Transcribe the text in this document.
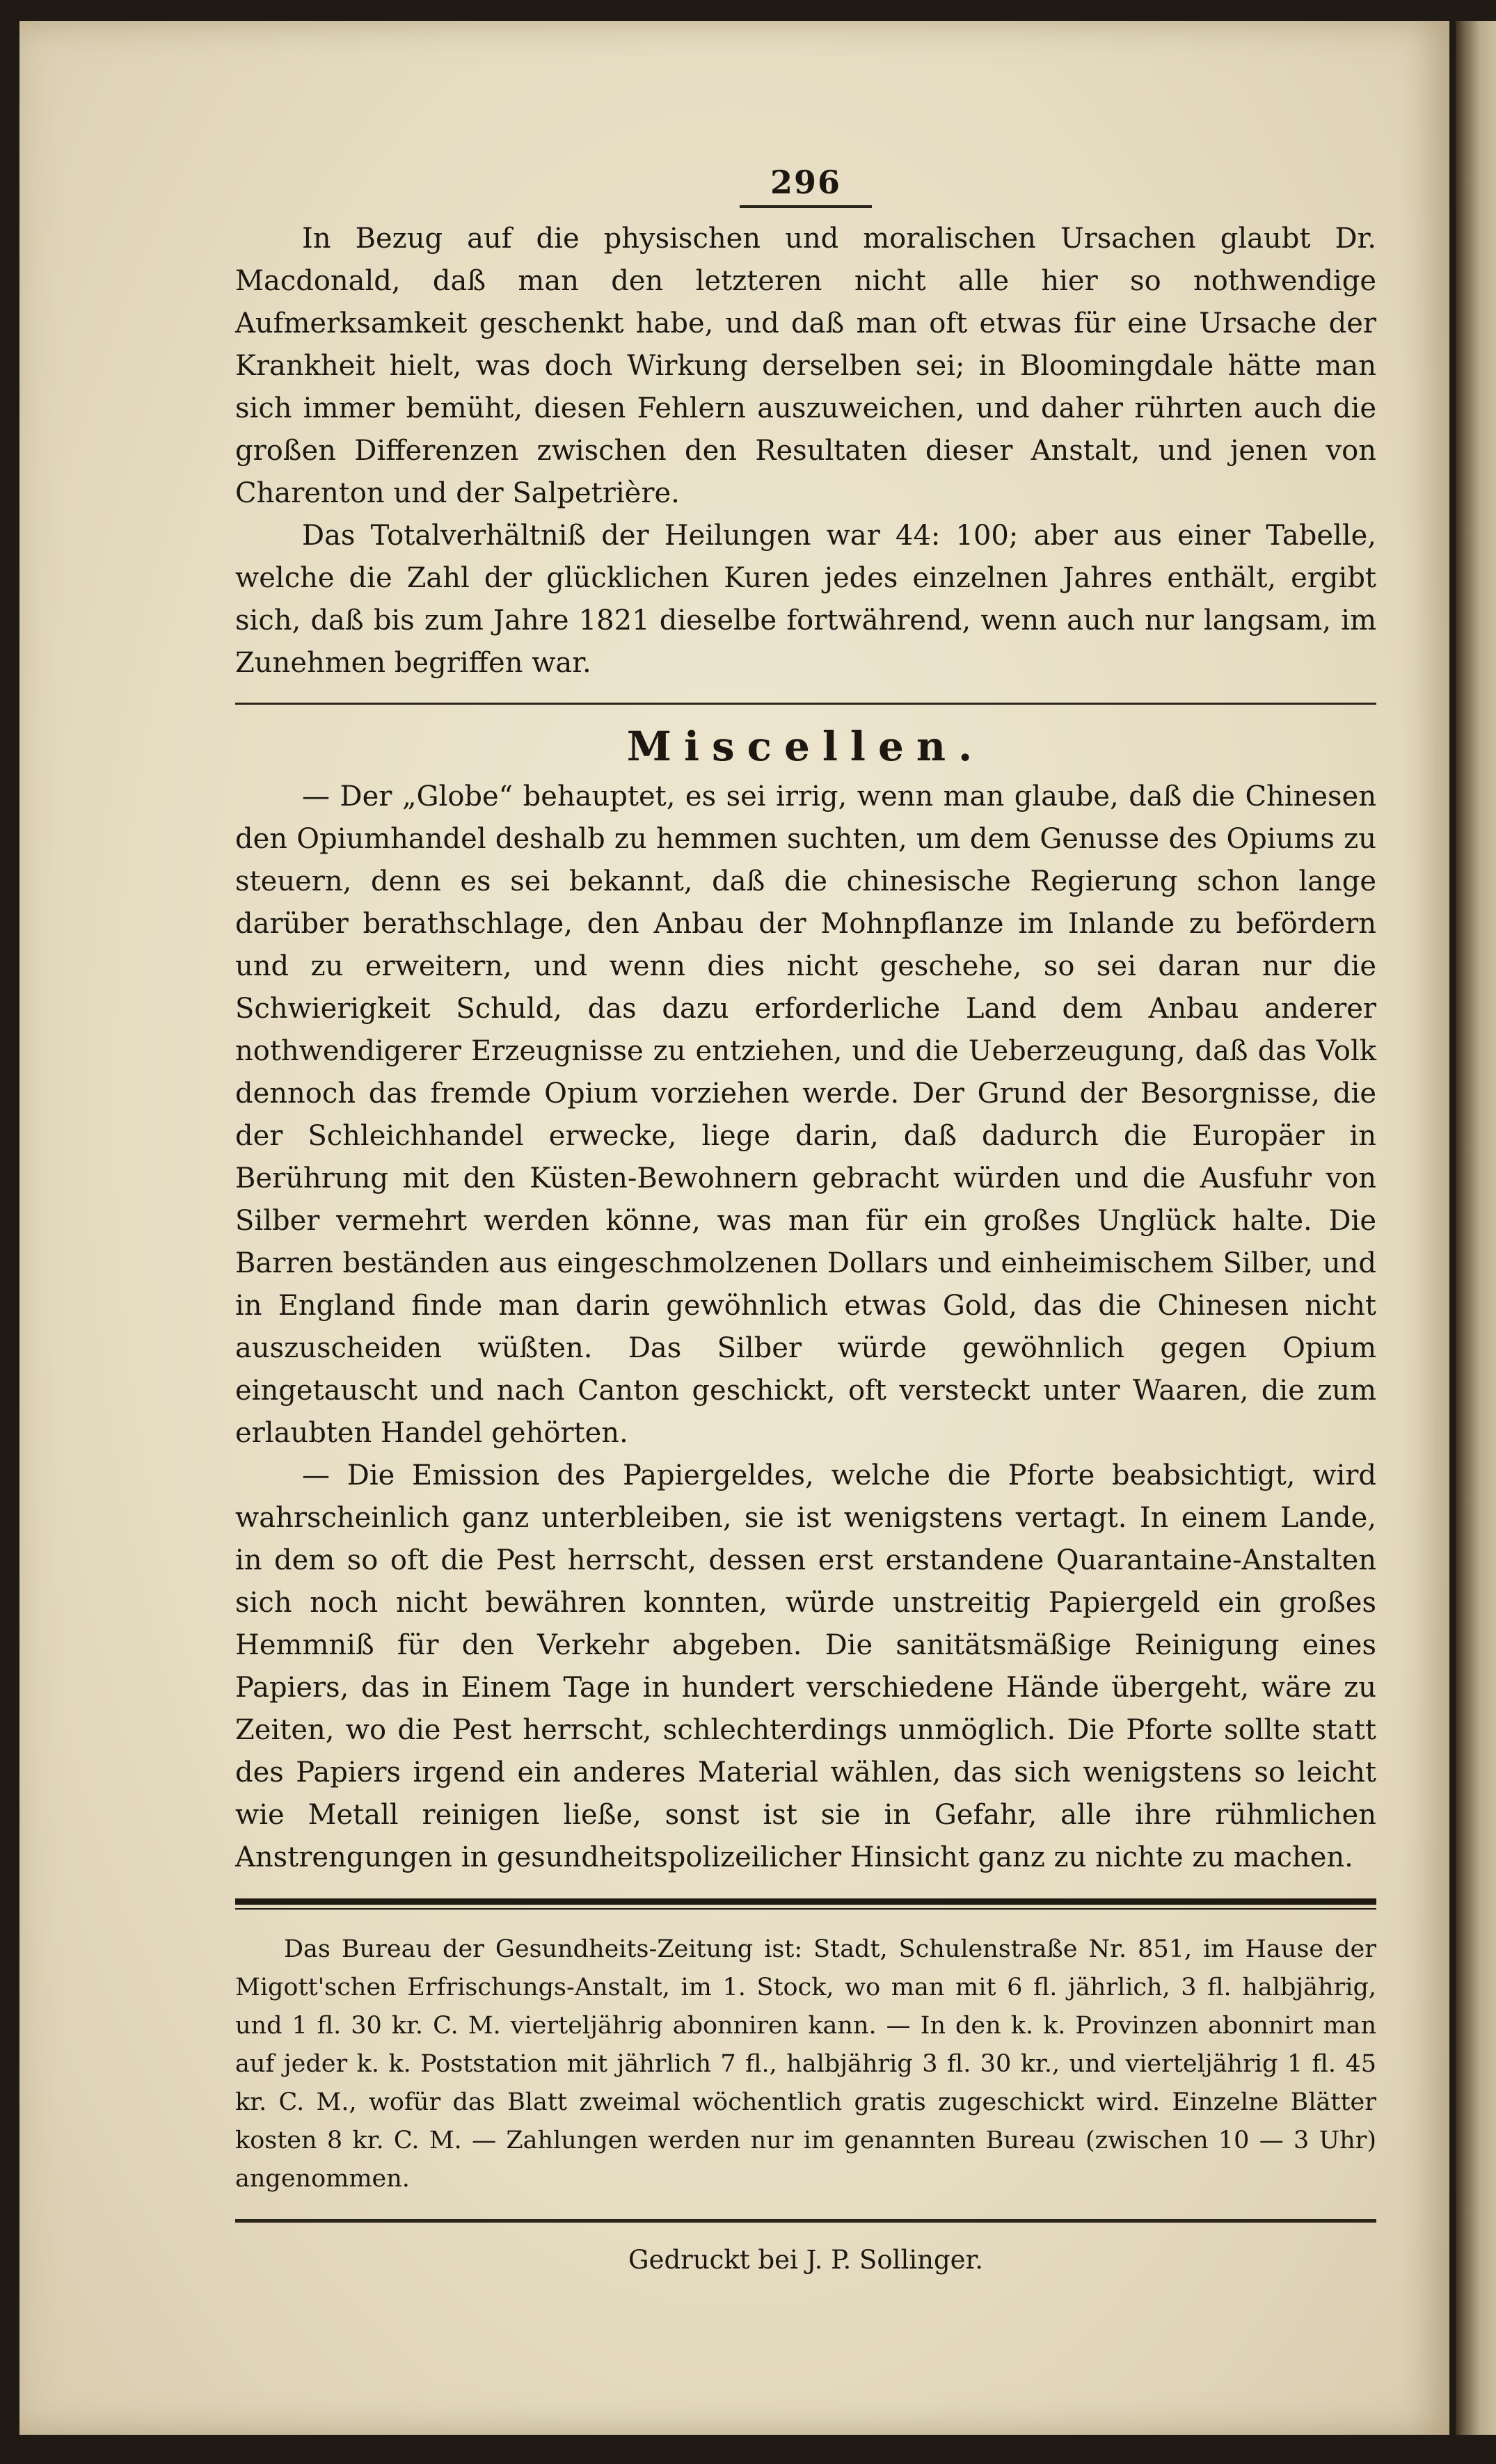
296

In Bezug auf die physischen und moralischen Ursachen glaubt Dr. Macdonald, daß man den letzteren nicht alle hier so nothwendige Aufmerksamkeit geschenkt habe, und daß man oft etwas für eine Ursache der Krankheit hielt, was doch Wirkung derselben sei; in Bloomingdale hätte man sich immer bemüht, diesen Fehlern auszuweichen, und daher rührten auch die großen Differenzen zwischen den Resultaten dieser Anstalt, und jenen von Charenton und der Salpetrière.

Das Totalverhältniß der Heilungen war 44: 100; aber aus einer Tabelle, welche die Zahl der glücklichen Kuren jedes einzelnen Jahres enthält, ergibt sich, daß bis zum Jahre 1821 dieselbe fortwährend, wenn auch nur langsam, im Zunehmen begriffen war.

Miscellen.

— Der „Globe“ behauptet, es sei irrig, wenn man glaube, daß die Chinesen den Opiumhandel deshalb zu hemmen suchten, um dem Genusse des Opiums zu steuern, denn es sei bekannt, daß die chinesische Regierung schon lange darüber berathschlage, den Anbau der Mohnpflanze im Inlande zu befördern und zu erweitern, und wenn dies nicht geschehe, so sei daran nur die Schwierigkeit Schuld, das dazu erforderliche Land dem Anbau anderer nothwendigerer Erzeugnisse zu entziehen, und die Ueberzeugung, daß das Volk dennoch das fremde Opium vorziehen werde. Der Grund der Besorgnisse, die der Schleichhandel erwecke, liege darin, daß dadurch die Europäer in Berührung mit den Küsten-Bewohnern gebracht würden und die Ausfuhr von Silber vermehrt werden könne, was man für ein großes Unglück halte. Die Barren beständen aus eingeschmolzenen Dollars und einheimischem Silber, und in England finde man darin gewöhnlich etwas Gold, das die Chinesen nicht auszuscheiden wüßten. Das Silber würde gewöhnlich gegen Opium eingetauscht und nach Canton geschickt, oft versteckt unter Waaren, die zum erlaubten Handel gehörten.

— Die Emission des Papiergeldes, welche die Pforte beabsichtigt, wird wahrscheinlich ganz unterbleiben, sie ist wenigstens vertagt. In einem Lande, in dem so oft die Pest herrscht, dessen erst erstandene Quarantaine-Anstalten sich noch nicht bewähren konnten, würde unstreitig Papiergeld ein großes Hemmniß für den Verkehr abgeben. Die sanitätsmäßige Reinigung eines Papiers, das in Einem Tage in hundert verschiedene Hände übergeht, wäre zu Zeiten, wo die Pest herrscht, schlechterdings unmöglich. Die Pforte sollte statt des Papiers irgend ein anderes Material wählen, das sich wenigstens so leicht wie Metall reinigen ließe, sonst ist sie in Gefahr, alle ihre rühmlichen Anstrengungen in gesundheitspolizeilicher Hinsicht ganz zu nichte zu machen.

Das Bureau der Gesundheits-Zeitung ist: Stadt, Schulenstraße Nr. 851, im Hause der Migott'schen Erfrischungs-Anstalt, im 1. Stock, wo man mit 6 fl. jährlich, 3 fl. halbjährig, und 1 fl. 30 kr. C. M. vierteljährig abonniren kann. — In den k. k. Provinzen abonnirt man auf jeder k. k. Poststation mit jährlich 7 fl., halbjährig 3 fl. 30 kr., und vierteljährig 1 fl. 45 kr. C. M., wofür das Blatt zweimal wöchentlich gratis zugeschickt wird. Einzelne Blätter kosten 8 kr. C. M. — Zahlungen werden nur im genannten Bureau (zwischen 10 — 3 Uhr) angenommen.

Gedruckt bei J. P. Sollinger.
